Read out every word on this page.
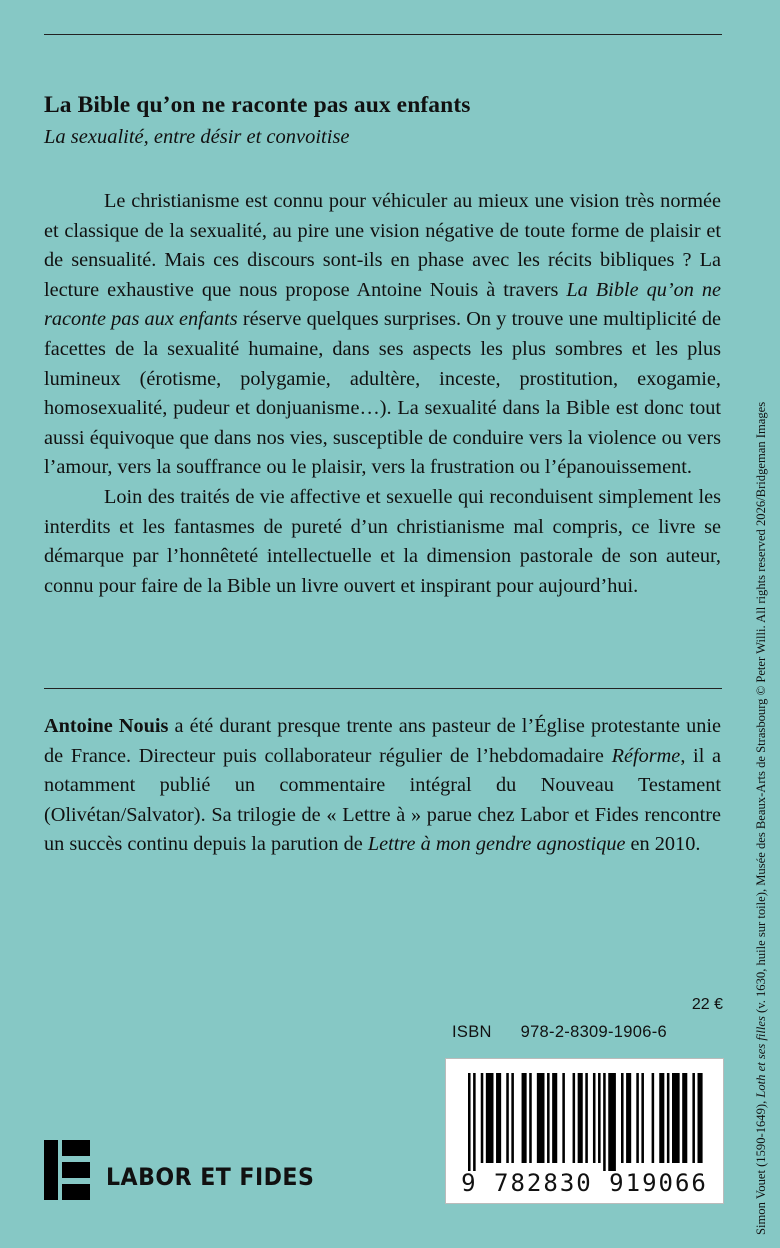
La Bible qu’on ne raconte pas aux enfants
La sexualité, entre désir et convoitise

Le christianisme est connu pour véhiculer au mieux une vision très normée et classique de la sexualité, au pire une vision négative de toute forme de plaisir et de sensualité. Mais ces discours sont-ils en phase avec les récits bibliques ? La lecture exhaustive que nous propose Antoine Nouis à travers La Bible qu’on ne raconte pas aux enfants réserve quelques surprises. On y trouve une multiplicité de facettes de la sexualité humaine, dans ses aspects les plus sombres et les plus lumineux (érotisme, polygamie, adultère, inceste, prostitution, exogamie, homosexualité, pudeur et donjuanisme…). La sexualité dans la Bible est donc tout aussi équivoque que dans nos vies, susceptible de conduire vers la violence ou vers l’amour, vers la souffrance ou le plaisir, vers la frustration ou l’épanouissement.

Loin des traités de vie affective et sexuelle qui reconduisent simplement les interdits et les fantasmes de pureté d’un christianisme mal compris, ce livre se démarque par l’honnêteté intellectuelle et la dimension pastorale de son auteur, connu pour faire de la Bible un livre ouvert et inspirant pour aujourd’hui.

Antoine Nouis a été durant presque trente ans pasteur de l’Église protestante unie de France. Directeur puis collaborateur régulier de l’hebdomadaire Réforme, il a notamment publié un commentaire intégral du Nouveau Testament (Olivétan/Salvator). Sa trilogie de « Lettre à » parue chez Labor et Fides rencontre un succès continu depuis la parution de Lettre à mon gendre agnostique en 2010.

22 €
ISBN 978-2-8309-1906-6
9 782830 919066
LABOR ET FIDES	Simon Vouet (1590-1649), Loth et ses filles (v. 1630, huile sur toile), Musée des Beaux-Arts de Strasbourg © Peter Willi. All rights reserved 2026/Bridgeman Images
